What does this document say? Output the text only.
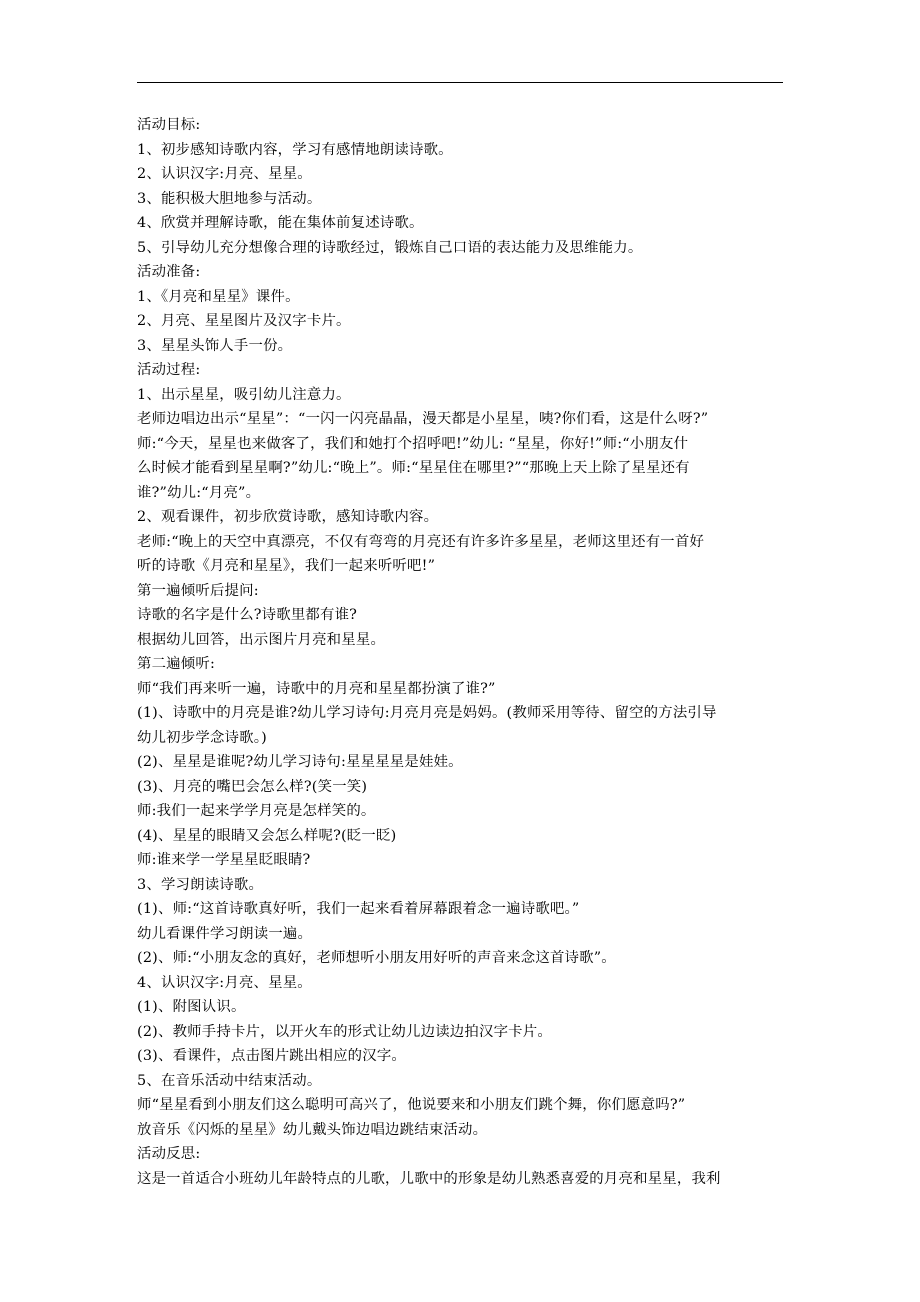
活动目标:
1、初步感知诗歌内容，学习有感情地朗读诗歌。
2、认识汉字:月亮、星星。
3、能积极大胆地参与活动。
4、欣赏并理解诗歌，能在集体前复述诗歌。
5、引导幼儿充分想像合理的诗歌经过，锻炼自己口语的表达能力及思维能力。
活动准备:
1、《月亮和星星》课件。
2、月亮、星星图片及汉字卡片。
3、星星头饰人手一份。
活动过程:
1、出示星星，吸引幼儿注意力。
老师边唱边出示“星星”：“一闪一闪亮晶晶，漫天都是小星星，咦?你们看，这是什么呀?”
师:“今天，星星也来做客了，我们和她打个招呼吧!”幼儿: “星星，你好!”师:“小朋友什
么时候才能看到星星啊?”幼儿:“晚上”。师:“星星住在哪里?”“那晚上天上除了星星还有
谁?”幼儿:“月亮”。
2、观看课件，初步欣赏诗歌，感知诗歌内容。
老师:“晚上的天空中真漂亮，不仅有弯弯的月亮还有许多许多星星，老师这里还有一首好
听的诗歌《月亮和星星》，我们一起来听听吧!”
第一遍倾听后提问:
诗歌的名字是什么?诗歌里都有谁?
根据幼儿回答，出示图片月亮和星星。
第二遍倾听:
师“我们再来听一遍，诗歌中的月亮和星星都扮演了谁?”
(1)、诗歌中的月亮是谁?幼儿学习诗句:月亮月亮是妈妈。(教师采用等待、留空的方法引导
幼儿初步学念诗歌。)
(2)、星星是谁呢?幼儿学习诗句:星星星星是娃娃。
(3)、月亮的嘴巴会怎么样?(笑一笑)
师:我们一起来学学月亮是怎样笑的。
(4)、星星的眼睛又会怎么样呢?(眨一眨)
师:谁来学一学星星眨眼睛?
3、学习朗读诗歌。
(1)、师:“这首诗歌真好听，我们一起来看着屏幕跟着念一遍诗歌吧。”
幼儿看课件学习朗读一遍。
(2)、师:“小朋友念的真好，老师想听小朋友用好听的声音来念这首诗歌”。
4、认识汉字:月亮、星星。
(1)、附图认识。
(2)、教师手持卡片，以开火车的形式让幼儿边读边拍汉字卡片。
(3)、看课件，点击图片跳出相应的汉字。
5、在音乐活动中结束活动。
师“星星看到小朋友们这么聪明可高兴了，他说要来和小朋友们跳个舞，你们愿意吗?”
放音乐《闪烁的星星》幼儿戴头饰边唱边跳结束活动。
活动反思:
这是一首适合小班幼儿年龄特点的儿歌，儿歌中的形象是幼儿熟悉喜爱的月亮和星星，我利
